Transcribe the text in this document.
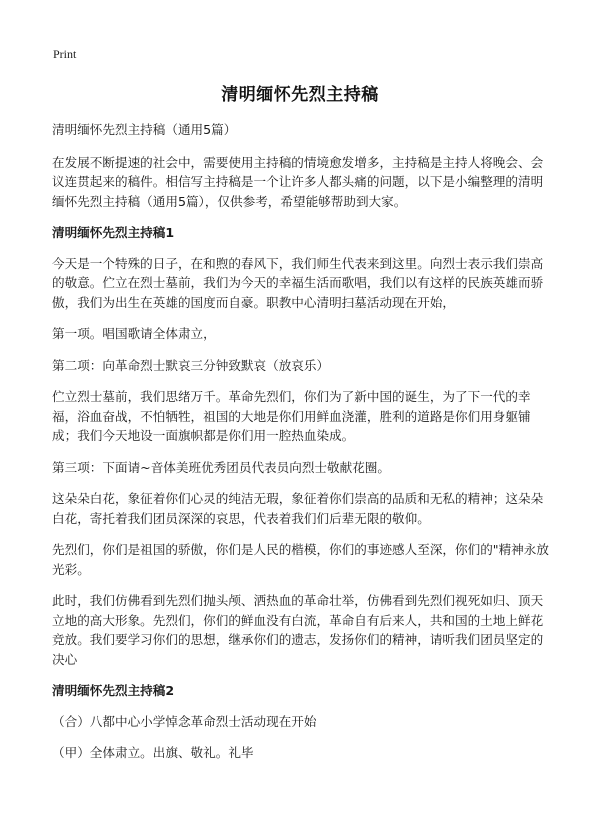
Print
清明缅怀先烈主持稿

清明缅怀先烈主持稿（通用5篇）

在发展不断提速的社会中，需要使用主持稿的情境愈发增多，主持稿是主持人将晚会、会议连贯起来的稿件。相信写主持稿是一个让许多人都头痛的问题，以下是小编整理的清明缅怀先烈主持稿（通用5篇），仅供参考，希望能够帮助到大家。

清明缅怀先烈主持稿1

今天是一个特殊的日子，在和煦的春风下，我们师生代表来到这里。向烈士表示我们崇高的敬意。伫立在烈士墓前，我们为今天的幸福生活而歌唱，我们以有这样的民族英雄而骄傲，我们为出生在英雄的国度而自豪。职教中心清明扫墓活动现在开始，

第一项。唱国歌请全体肃立，

第二项：向革命烈士默哀三分钟致默哀（放哀乐）

伫立烈士墓前，我们思绪万千。革命先烈们，你们为了新中国的诞生，为了下一代的幸福，浴血奋战，不怕牺牲，祖国的大地是你们用鲜血浇灌，胜利的道路是你们用身躯铺成；我们今天地设一面旗帜都是你们用一腔热血染成。

第三项：下面请~音体美班优秀团员代表员向烈士敬献花圈。

这朵朵白花，象征着你们心灵的纯洁无瑕，象征着你们崇高的品质和无私的精神；这朵朵白花，寄托着我们团员深深的哀思，代表着我们们后辈无限的敬仰。

先烈们，你们是祖国的骄傲，你们是人民的楷模，你们的事迹感人至深，你们的"精神永放光彩。

此时，我们仿佛看到先烈们抛头颅、洒热血的革命壮举，仿佛看到先烈们视死如归、顶天立地的高大形象。先烈们，你们的鲜血没有白流，革命自有后来人，共和国的土地上鲜花竞放。我们要学习你们的思想，继承你们的遗志，发扬你们的精神，请听我们团员坚定的决心

清明缅怀先烈主持稿2

（合）八都中心小学悼念革命烈士活动现在开始

（甲）全体肃立。出旗、敬礼。礼毕
